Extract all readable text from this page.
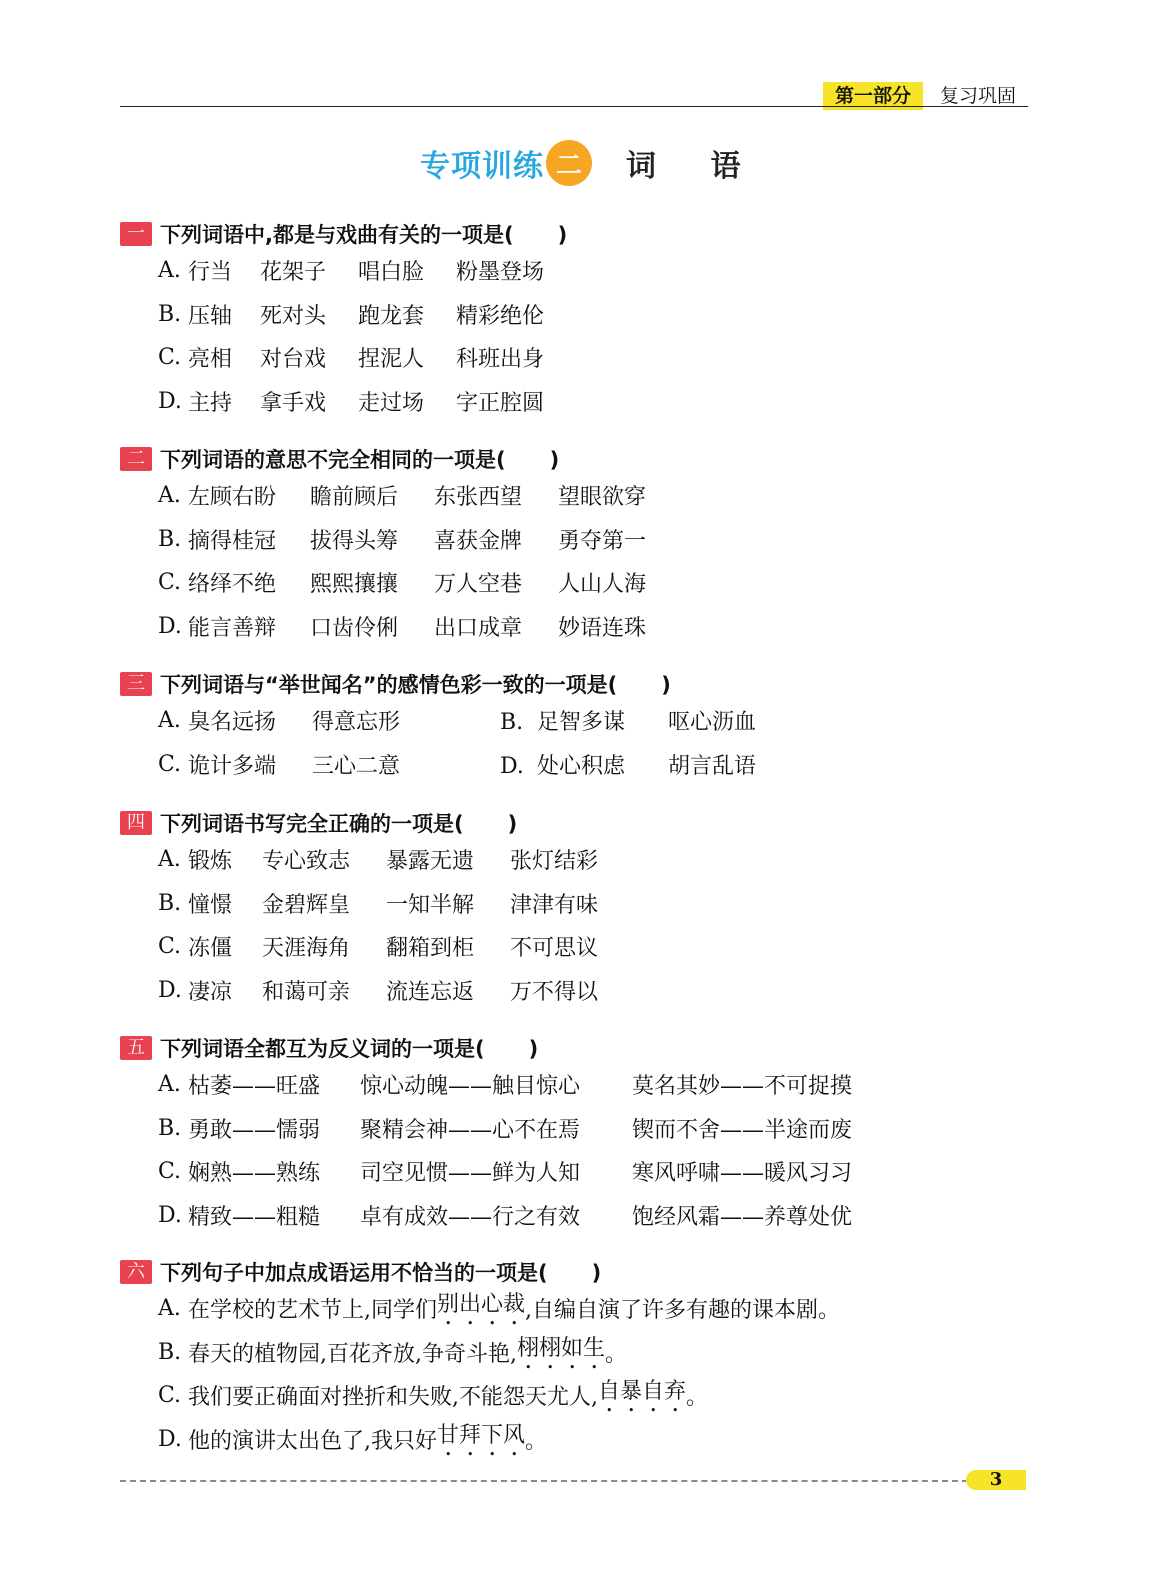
第一部分	复习巩固
专项训练 二	词 语
一 下列词语中,都是与戏曲有关的一项是( 　　)
A. 行当	花架子	唱白脸	粉墨登场
B. 压轴	死对头	跑龙套	精彩绝伦
C. 亮相	对台戏	捏泥人	科班出身
D. 主持	拿手戏	走过场	字正腔圆
二 下列词语的意思不完全相同的一项是( 　　)
A. 左顾右盼	瞻前顾后	东张西望	望眼欲穿
B. 摘得桂冠	拔得头筹	喜获金牌	勇夺第一
C. 络绎不绝	熙熙攘攘	万人空巷	人山人海
D. 能言善辩	口齿伶俐	出口成章	妙语连珠
三 下列词语与“举世闻名”的感情色彩一致的一项是( 　　)
A. 臭名远扬	得意忘形	B. 足智多谋 呕心沥血
C. 诡计多端	三心二意	D. 处心积虑 胡言乱语
四 下列词语书写完全正确的一项是( 　　)
A. 锻炼	专心致志	暴露无遗	张灯结彩
B. 憧憬	金碧辉皇	一知半解	津津有味
C. 冻僵	天涯海角	翻箱到柜	不可思议
D. 凄凉	和蔼可亲	流连忘返	万不得以
五 下列词语全都互为反义词的一项是( 　　)
A. 枯萎——旺盛	惊心动魄——触目惊心	莫名其妙——不可捉摸
B. 勇敢——懦弱	聚精会神——心不在焉	锲而不舍——半途而废
C. 娴熟——熟练	司空见惯——鲜为人知	寒风呼啸——暖风习习
D. 精致——粗糙	卓有成效——行之有效	饱经风霜——养尊处优
六 下列句子中加点成语运用不恰当的一项是( 　　)
A. 在学校的艺术节上,同学们 别出心裁 ,自编自演了许多有趣的课本剧。
B. 春天的植物园,百花齐放,争奇斗艳, 栩栩如生 。
C. 我们要正确面对挫折和失败,不能怨天尤人, 自暴自弃 。
D. 他的演讲太出色了,我只好 甘拜下风 。
3
